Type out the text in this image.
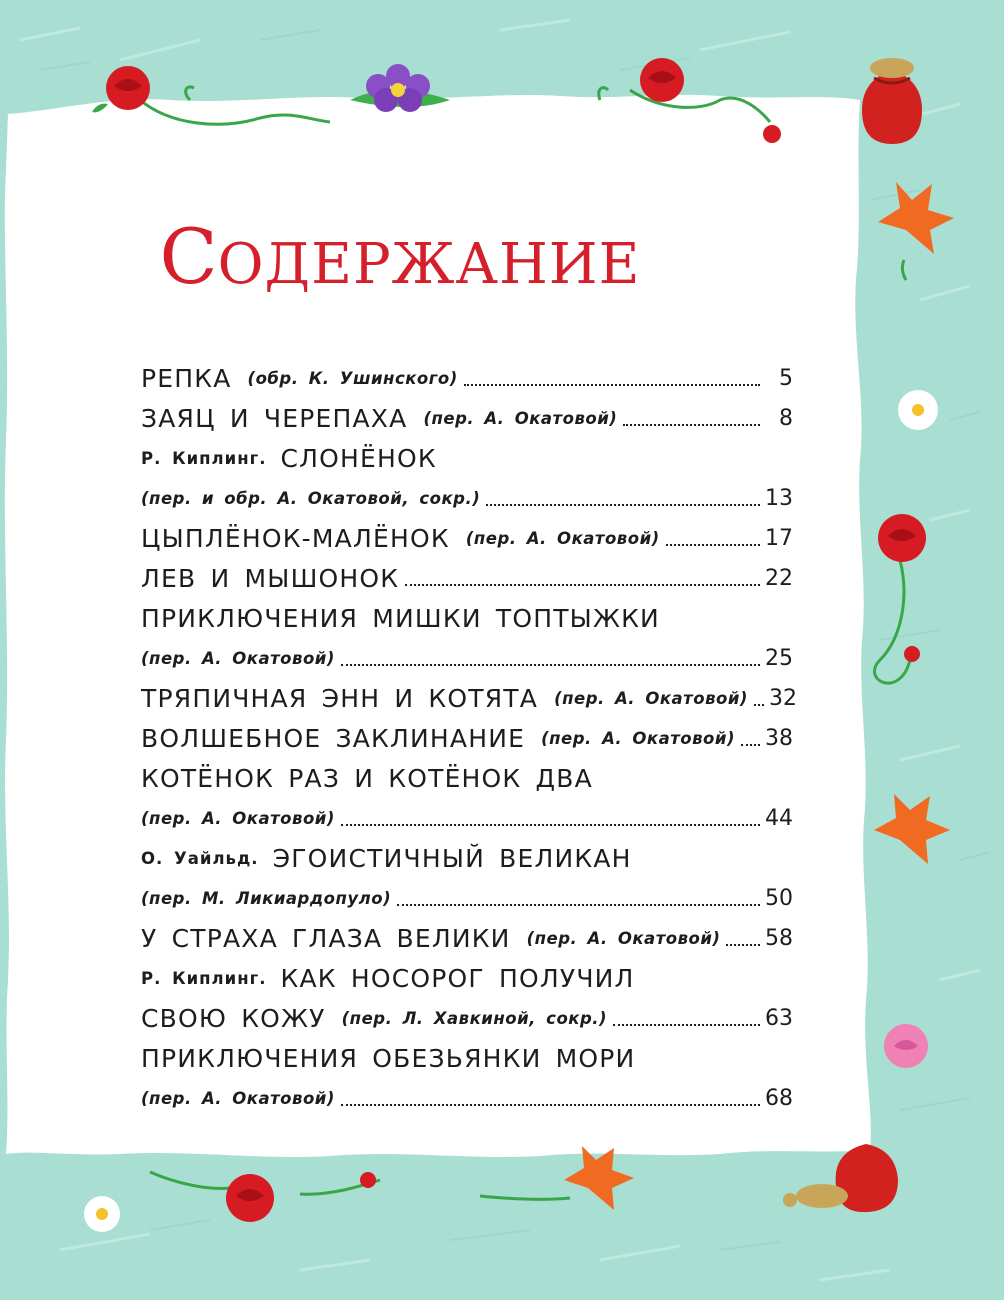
СОДЕРЖАНИЕ
РЕПКА (обр. К. Ушинского)	5
ЗАЯЦ И ЧЕРЕПАХА (пер. А. Окатовой)	8
Р. Киплинг. СЛОНЁНОК
(пер. и обр. А. Окатовой, сокр.)	13
ЦЫПЛЁНОК-МАЛЁНОК (пер. А. Окатовой)	17
ЛЕВ И МЫШОНОК	22
ПРИКЛЮЧЕНИЯ МИШКИ ТОПТЫЖКИ
(пер. А. Окатовой)	25
ТРЯПИЧНАЯ ЭНН И КОТЯТА (пер. А. Окатовой) 32
ВОЛШЕБНОЕ ЗАКЛИНАНИЕ (пер. А. Окатовой) 38
КОТЁНОК РАЗ И КОТЁНОК ДВА
(пер. А. Окатовой)	44
О. Уайльд. ЭГОИСТИЧНЫЙ ВЕЛИКАН
(пер. М. Ликиардопуло)	50
У СТРАХА ГЛАЗА ВЕЛИКИ (пер. А. Окатовой) 58
Р. Киплинг. КАК НОСОРОГ ПОЛУЧИЛ
СВОЮ КОЖУ (пер. Л. Хавкиной, сокр.)	63
ПРИКЛЮЧЕНИЯ ОБЕЗЬЯНКИ МОРИ
(пер. А. Окатовой)	68
